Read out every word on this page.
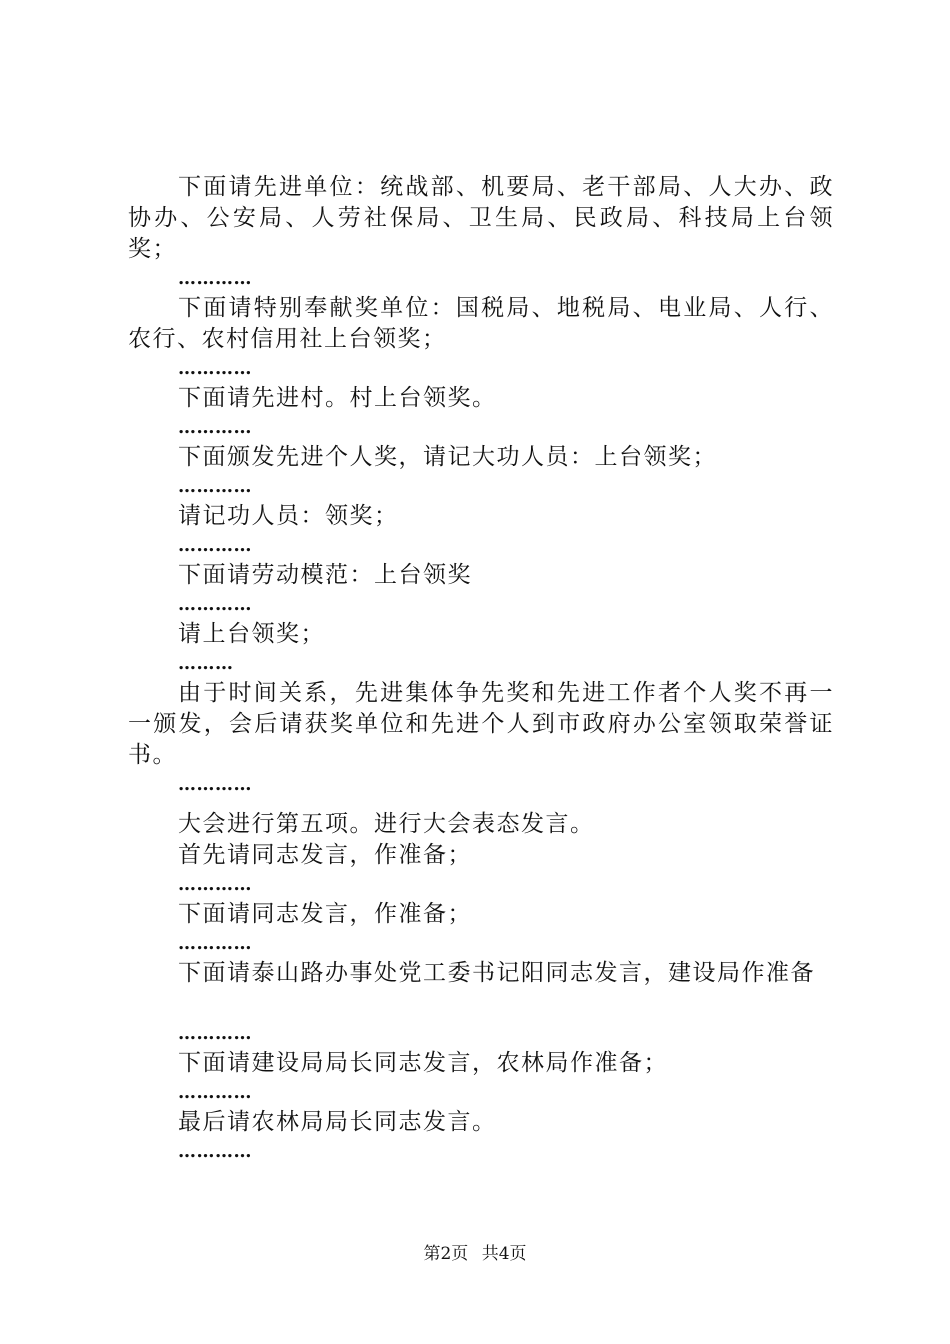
下面请先进单位：统战部、机要局、老干部局、人大办、政协办、公安局、人劳社保局、卫生局、民政局、科技局上台领奖；

…………

下面请特别奉献奖单位：国税局、地税局、电业局、人行、农行、农村信用社上台领奖；

…………

下面请先进村。村上台领奖。

…………

下面颁发先进个人奖，请记大功人员：上台领奖；

…………

请记功人员：领奖；

…………

下面请劳动模范：上台领奖

…………

请上台领奖；

………

由于时间关系，先进集体争先奖和先进工作者个人奖不再一一颁发，会后请获奖单位和先进个人到市政府办公室领取荣誉证书。

…………

大会进行第五项。进行大会表态发言。

首先请同志发言，作准备；

…………

下面请同志发言，作准备；

…………

下面请泰山路办事处党工委书记阳同志发言，建设局作准备

…………

下面请建设局局长同志发言，农林局作准备；

…………

最后请农林局局长同志发言。

…………

第2页 共4页
